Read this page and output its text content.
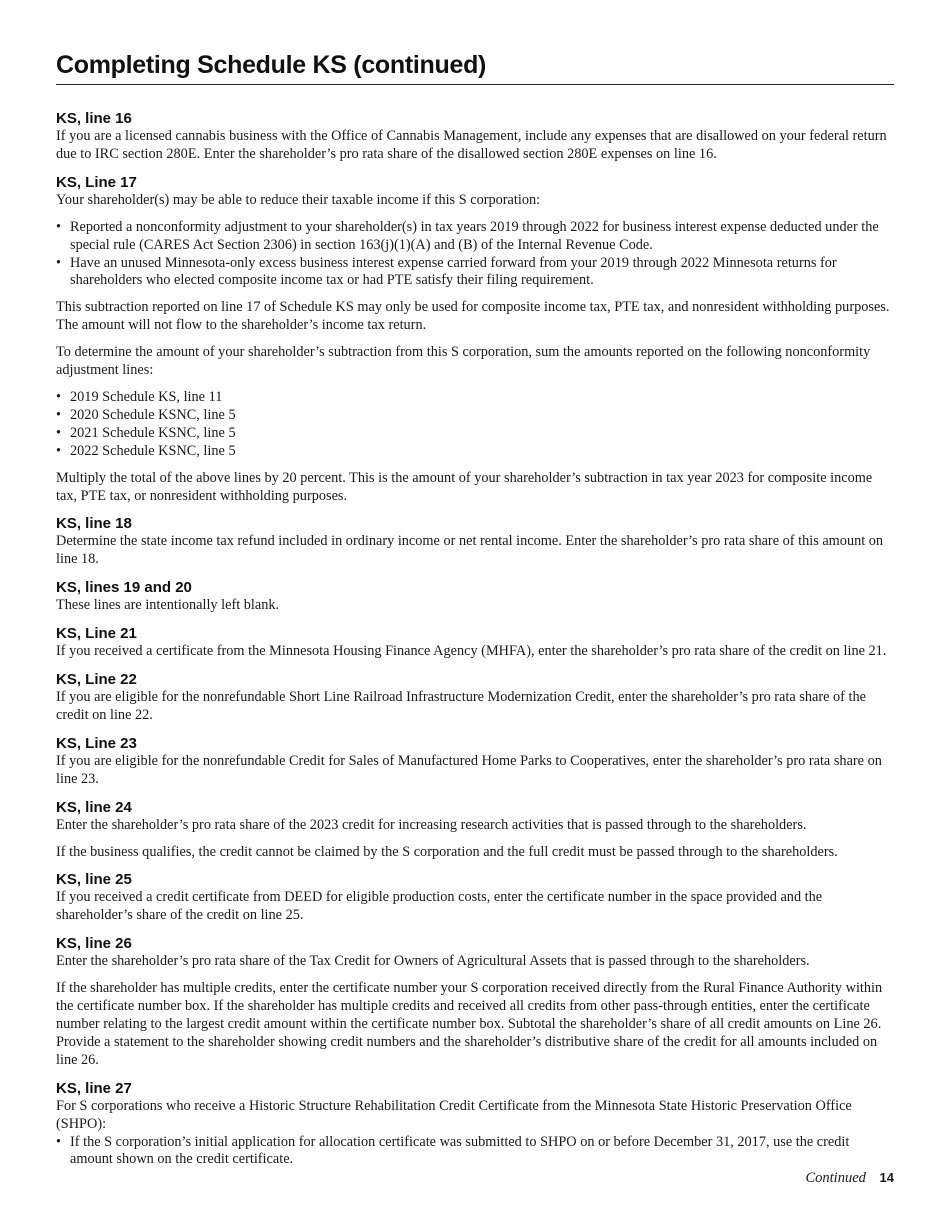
Completing Schedule KS (continued)
KS, line 16

If you are a licensed cannabis business with the Office of Cannabis Management, include any expenses that are disallowed on your federal return due to IRC section 280E. Enter the shareholder’s pro rata share of the disallowed section 280E expenses on line 16.

KS, Line 17

Your shareholder(s) may be able to reduce their taxable income if this S corporation:

• Reported a nonconformity adjustment to your shareholder(s) in tax years 2019 through 2022 for business interest expense deducted under the special rule (CARES Act Section 2306) in section 163(j)(1)(A) and (B) of the Internal Revenue Code.
• Have an unused Minnesota-only excess business interest expense carried forward from your 2019 through 2022 Minnesota returns for shareholders who elected composite income tax or had PTE satisfy their filing requirement.

This subtraction reported on line 17 of Schedule KS may only be used for composite income tax, PTE tax, and nonresident withholding purposes. The amount will not flow to the shareholder’s income tax return.

To determine the amount of your shareholder’s subtraction from this S corporation, sum the amounts reported on the following nonconformity adjustment lines:

• 2019 Schedule KS, line 11
• 2020 Schedule KSNC, line 5
• 2021 Schedule KSNC, line 5
• 2022 Schedule KSNC, line 5

Multiply the total of the above lines by 20 percent. This is the amount of your shareholder’s subtraction in tax year 2023 for composite income tax, PTE tax, or nonresident withholding purposes.

KS, line 18

Determine the state income tax refund included in ordinary income or net rental income. Enter the shareholder’s pro rata share of this amount on line 18.

KS, lines 19 and 20

These lines are intentionally left blank.

KS, Line 21

If you received a certificate from the Minnesota Housing Finance Agency (MHFA), enter the shareholder’s pro rata share of the credit on line 21.

KS, Line 22

If you are eligible for the nonrefundable Short Line Railroad Infrastructure Modernization Credit, enter the shareholder’s pro rata share of the credit on line 22.

KS, Line 23

If you are eligible for the nonrefundable Credit for Sales of Manufactured Home Parks to Cooperatives, enter the shareholder’s pro rata share on line 23.

KS, line 24

Enter the shareholder’s pro rata share of the 2023 credit for increasing research activities that is passed through to the shareholders.

If the business qualifies, the credit cannot be claimed by the S corporation and the full credit must be passed through to the shareholders.

KS, line 25

If you received a credit certificate from DEED for eligible production costs, enter the certificate number in the space provided and the shareholder’s share of the credit on line 25.

KS, line 26

Enter the shareholder’s pro rata share of the Tax Credit for Owners of Agricultural Assets that is passed through to the shareholders.

If the shareholder has multiple credits, enter the certificate number your S corporation received directly from the Rural Finance Authority within the certificate number box. If the shareholder has multiple credits and received all credits from other pass-through entities, enter the certificate number relating to the largest credit amount within the certificate number box. Subtotal the shareholder’s share of all credit amounts on Line 26. Provide a statement to the shareholder showing credit numbers and the shareholder’s distributive share of the credit for all amounts included on line 26.

KS, line 27

For S corporations who receive a Historic Structure Rehabilitation Credit Certificate from the Minnesota State Historic Preservation Office (SHPO):

• If the S corporation’s initial application for allocation certificate was submitted to SHPO on or before December 31, 2017, use the credit amount shown on the credit certificate.
Continued 14
